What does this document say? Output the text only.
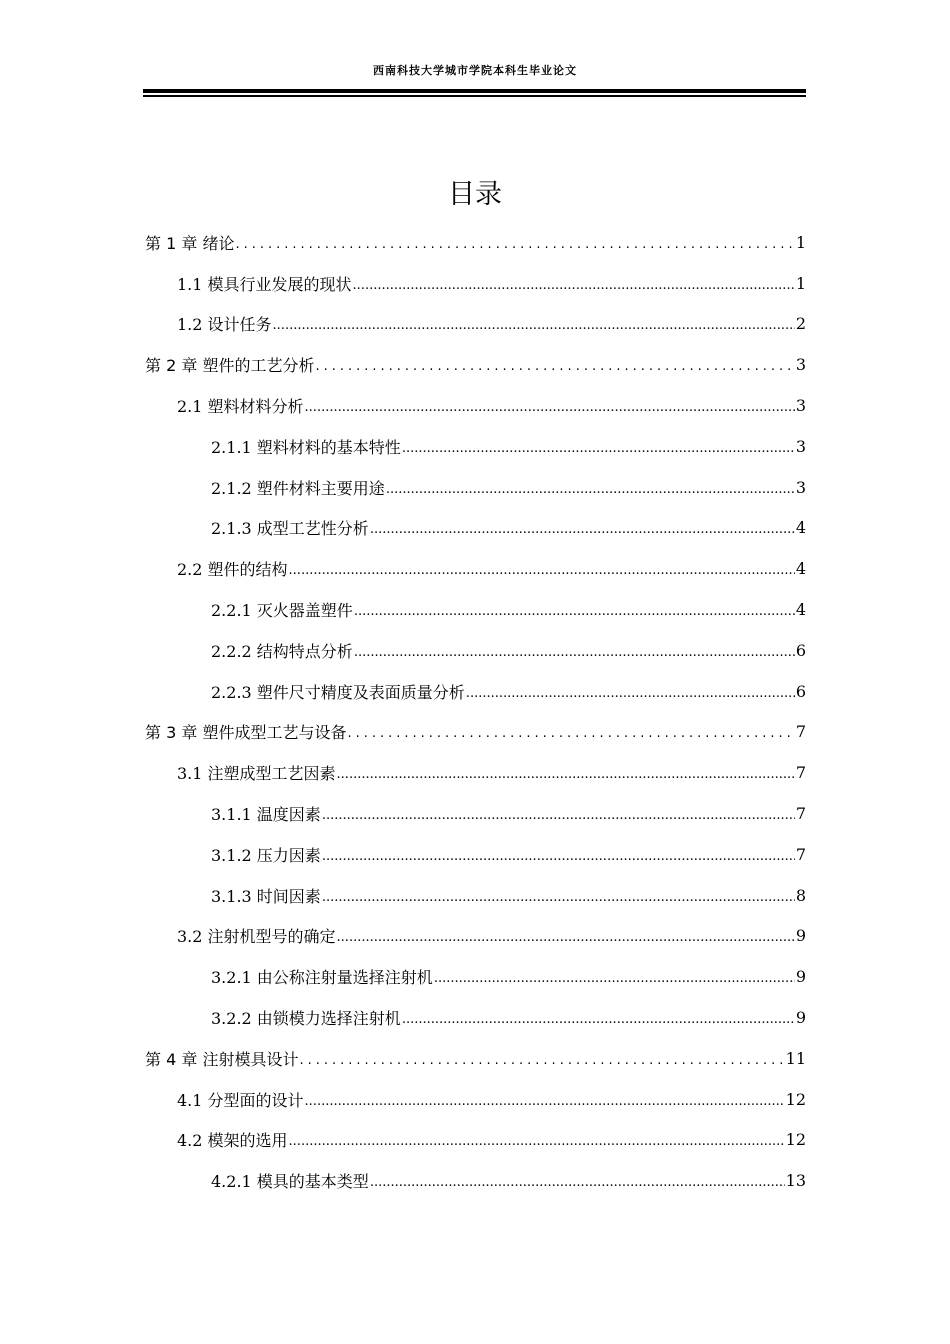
西南科技大学城市学院本科生毕业论文
目录
第 1 章 绪论 .....	1
1.1 模具行业发展的现状 .....	1
1.2 设计任务 .....	2
第 2 章 塑件的工艺分析 .....	3
2.1 塑料材料分析 .....	3
2.1.1 塑料材料的基本特性 .....	3
2.1.2 塑件材料主要用途 .....	3
2.1.3 成型工艺性分析 .....	4
2.2 塑件的结构 .....	4
2.2.1 灭火器盖塑件 .....	4
2.2.2 结构特点分析 .....	6
2.2.3 塑件尺寸精度及表面质量分析 .....	6
第 3 章 塑件成型工艺与设备 .....	7
3.1 注塑成型工艺因素 .....	7
3.1.1 温度因素 .....	7
3.1.2 压力因素 .....	7
3.1.3 时间因素 .....	8
3.2 注射机型号的确定 .....	9
3.2.1 由公称注射量选择注射机 .....	9
3.2.2 由锁模力选择注射机 .....	9
第 4 章 注射模具设计 .....	11
4.1 分型面的设计 .....	12
4.2 模架的选用 .....	12
4.2.1 模具的基本类型 .....	13
